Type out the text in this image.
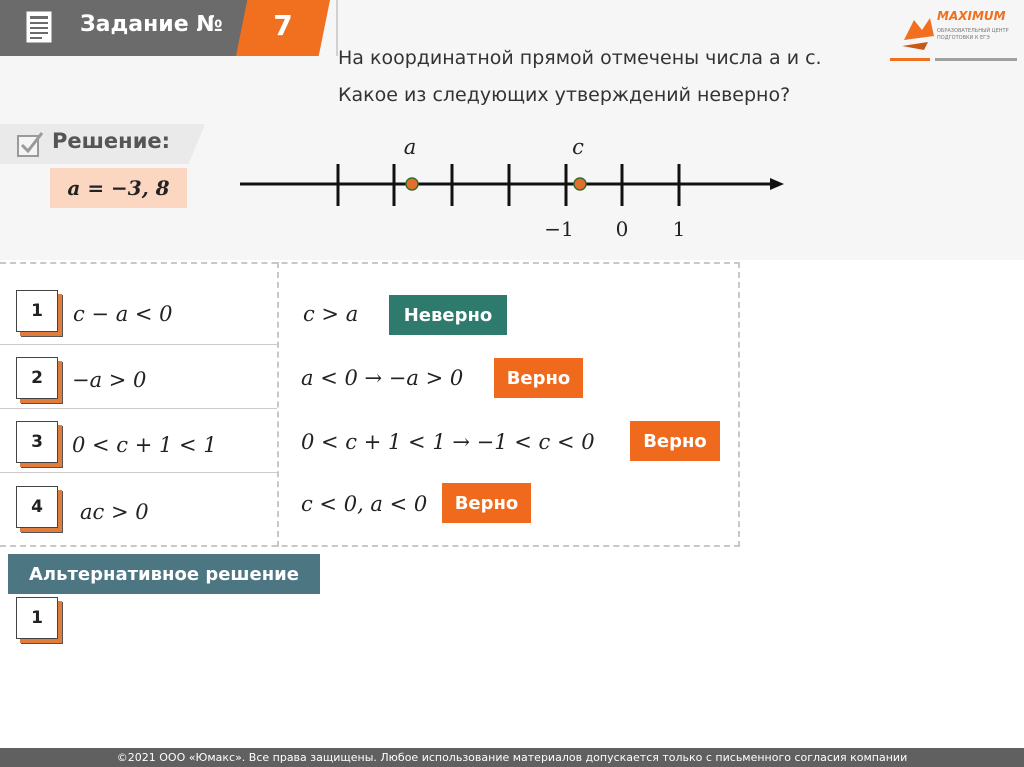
Задание №	7
На координатной прямой отмечены числа а и с.
Какое из следующих утверждений неверно?
MAXIMUM
ОБРАЗОВАТЕЛЬНЫЙ ЦЕНТР ПОДГОТОВКИ К ЕГЭ
Решение:
a = −3, 8
a	c
−1 0 1
1	c − a < 0	c > a	Неверно
2	−a > 0	a < 0 → −a > 0	Верно
3	0 < c + 1 < 1	0 < c + 1 < 1 → −1 < c < 0	Верно
4	ac > 0	c < 0, a < 0	Верно
Альтернативное решение
1
©2021 ООО «Юмакс». Все права защищены. Любое использование материалов допускается только с письменного согласия компании
